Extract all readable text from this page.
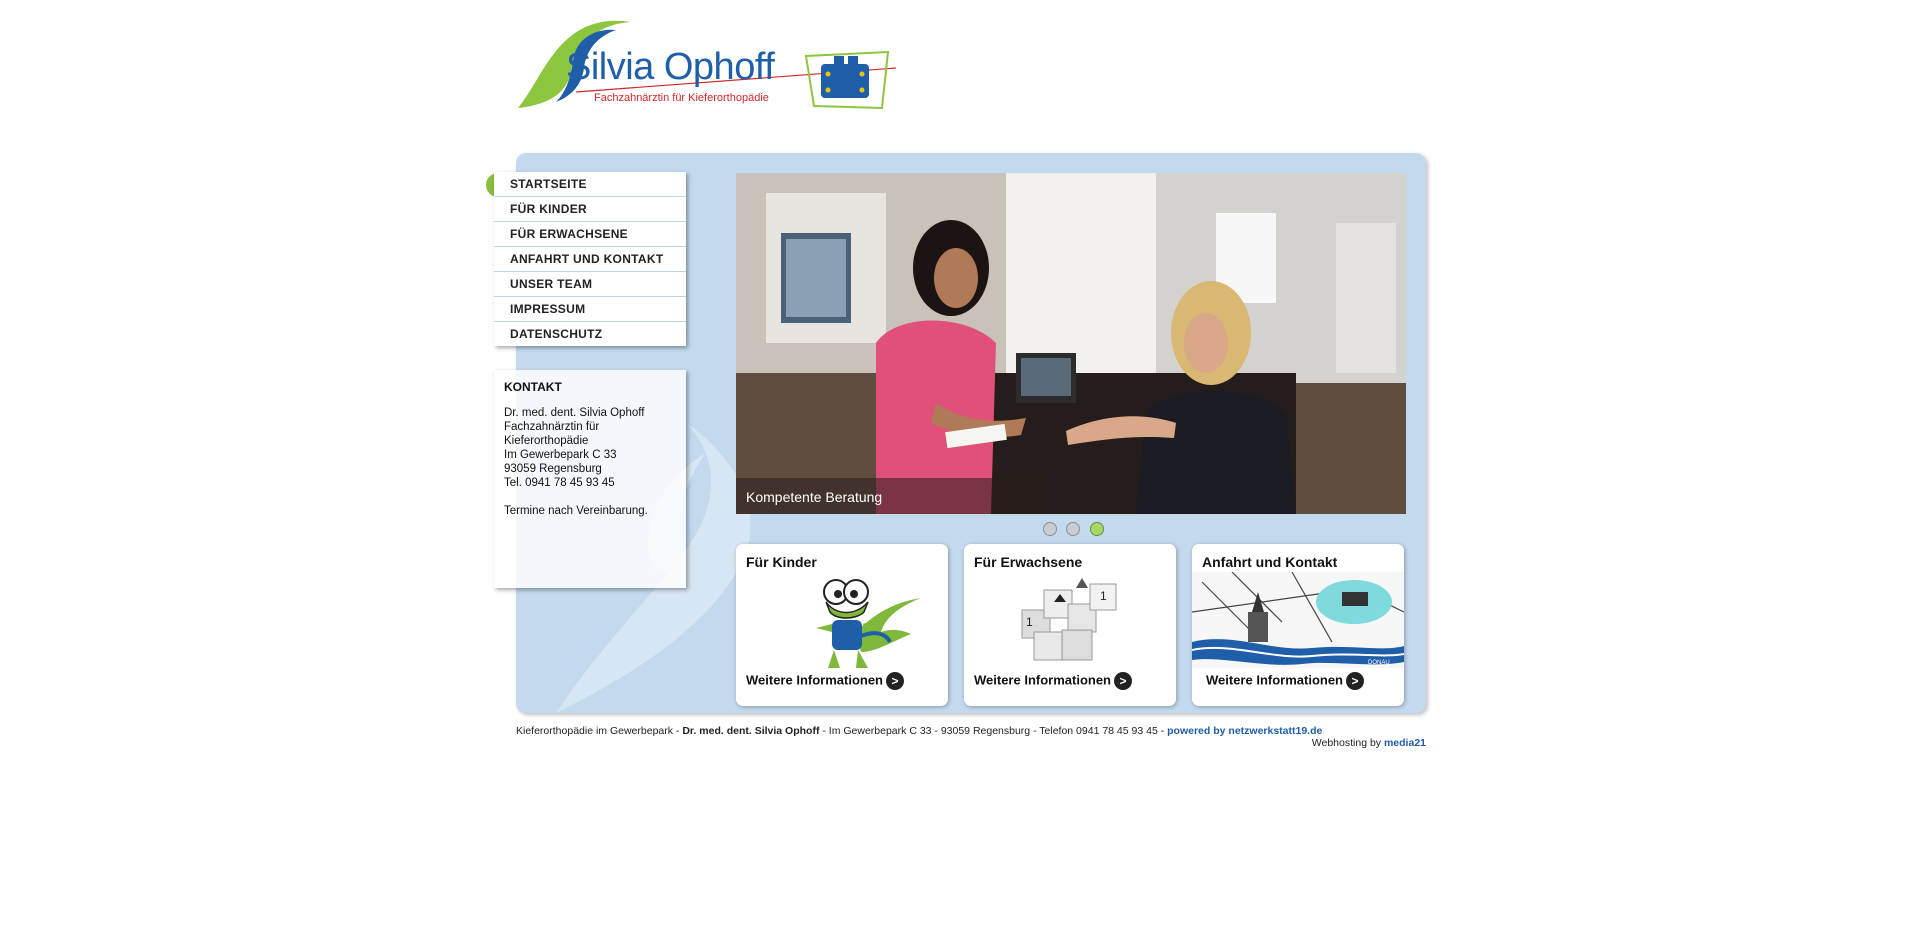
Silvia Ophoff
Fachzahnärztin für Kieferorthopädie
STARTSEITE
FÜR KINDER
FÜR ERWACHSENE
ANFAHRT UND KONTAKT
UNSER TEAM
IMPRESSUM
DATENSCHUTZ
KONTAKT
Dr. med. dent. Silvia Ophoff
Fachzahnärztin für
Kieferorthopädie
Im Gewerbepark C 33
93059 Regensburg
Tel. 0941 78 45 93 45
Termine nach Vereinbarung.
Kompetente Beratung

Für Kinder
Weitere Informationen >
Für Erwachsene
1
1
Weitere Informationen >
Anfahrt und Kontakt
DONAU
Weitere Informationen >
Kieferorthopädie im Gewerbepark - Dr. med. dent. Silvia Ophoff - Im Gewerbepark C 33 - 93059 Regensburg - Telefon 0941 78 45 93 45 - powered by netzwerkstatt19.de
Webhosting by media21
